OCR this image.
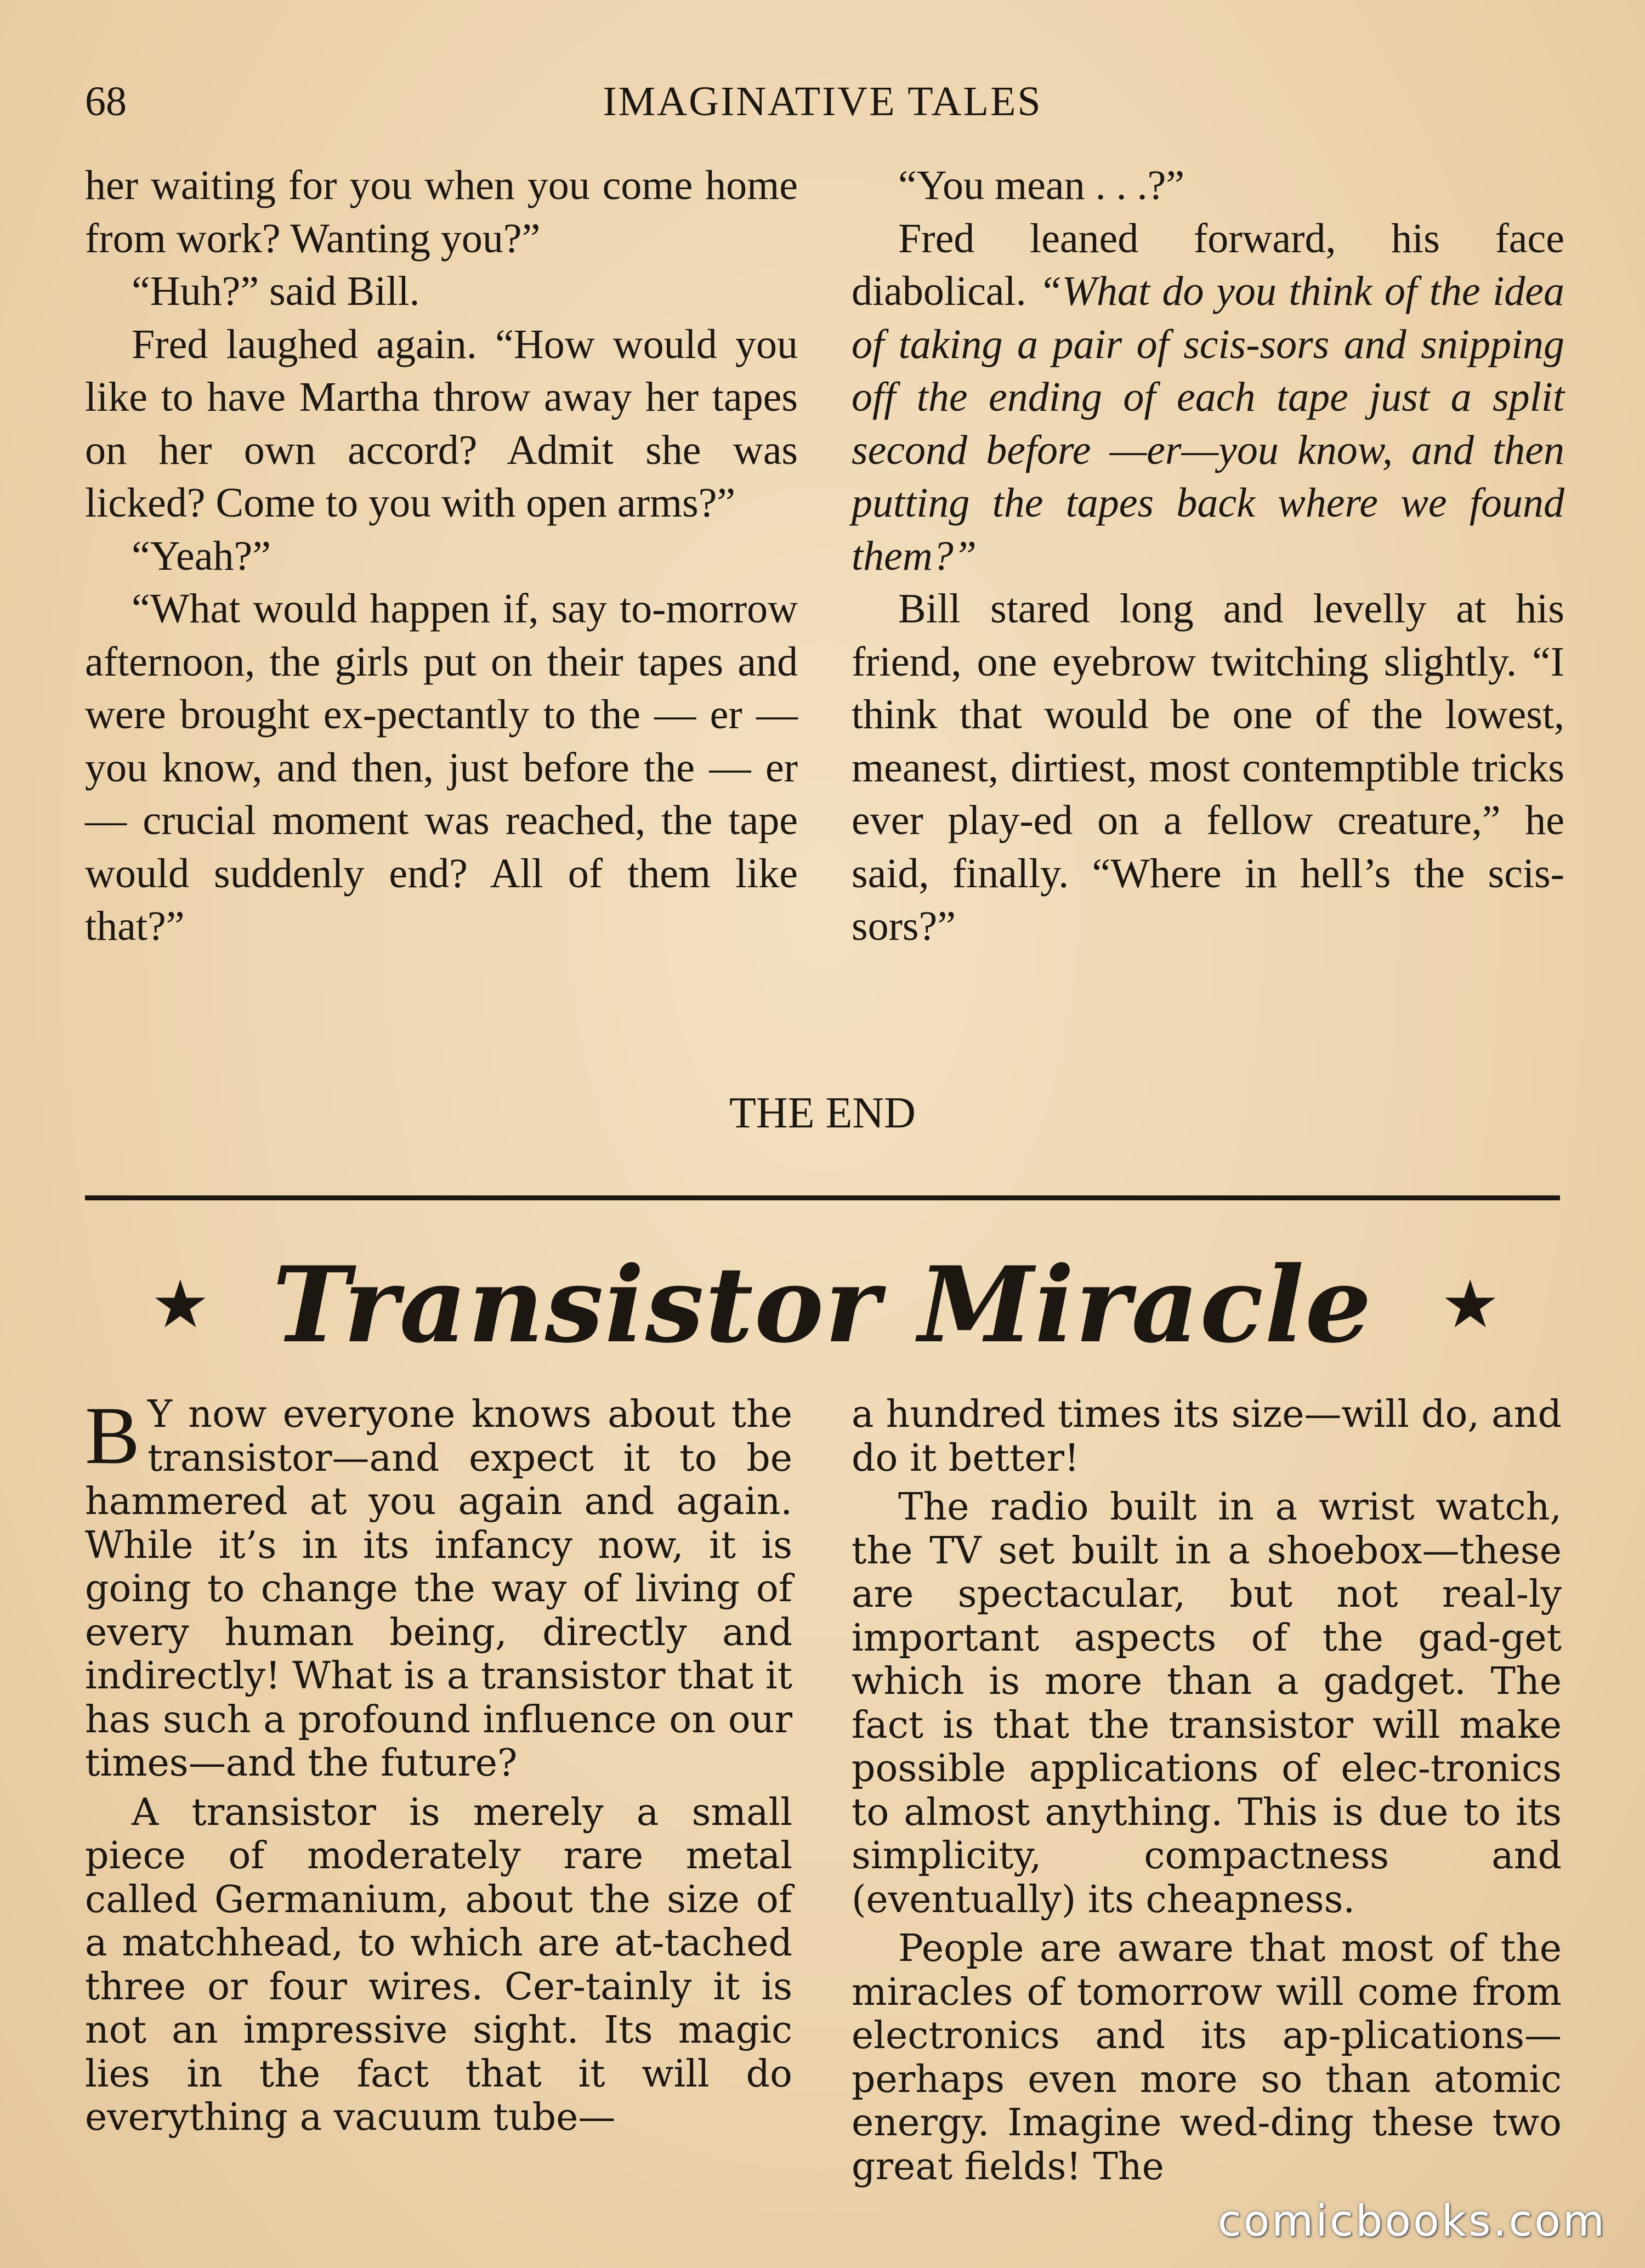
68	IMAGINATIVE TALES

her waiting for you when you come home from work? Wanting you?”

“Huh?” said Bill.

Fred laughed again. “How would you like to have Martha throw away her tapes on her own accord? Admit she was licked? Come to you with open arms?”

“Yeah?”

“What would happen if, say to-morrow afternoon, the girls put on their tapes and were brought ex-pectantly to the — er — you know, and then, just before the — er — crucial moment was reached, the tape would suddenly end? All of them like that?”

“You mean . . .?”

Fred leaned forward, his face diabolical. “What do you think of the idea of taking a pair of scis-sors and snipping off the ending of each tape just a split second before —er—you know, and then putting the tapes back where we found them?”

Bill stared long and levelly at his friend, one eyebrow twitching slightly. “I think that would be one of the lowest, meanest, dirtiest, most contemptible tricks ever play-ed on a fellow creature,” he said, finally. “Where in hell’s the scis-sors?”

THE END
★ Transistor Miracle	★

B Y now everyone knows about the transistor—and expect it to be hammered at you again and again. While it’s in its infancy now, it is going to change the way of living of every human being, directly and indirectly! What is a transistor that it has such a profound influence on our times—and the future?

A transistor is merely a small piece of moderately rare metal called Germanium, about the size of a matchhead, to which are at-tached three or four wires. Cer-tainly it is not an impressive sight. Its magic lies in the fact that it will do everything a vacuum tube—

a hundred times its size—will do, and do it better!

The radio built in a wrist watch, the TV set built in a shoebox—these are spectacular, but not real-ly important aspects of the gad-get which is more than a gadget. The fact is that the transistor will make possible applications of elec-tronics to almost anything. This is due to its simplicity, compactness and (eventually) its cheapness.

People are aware that most of the miracles of tomorrow will come from electronics and its ap-plications—perhaps even more so than atomic energy. Imagine wed-ding these two great fields! The

comicbooks.com
